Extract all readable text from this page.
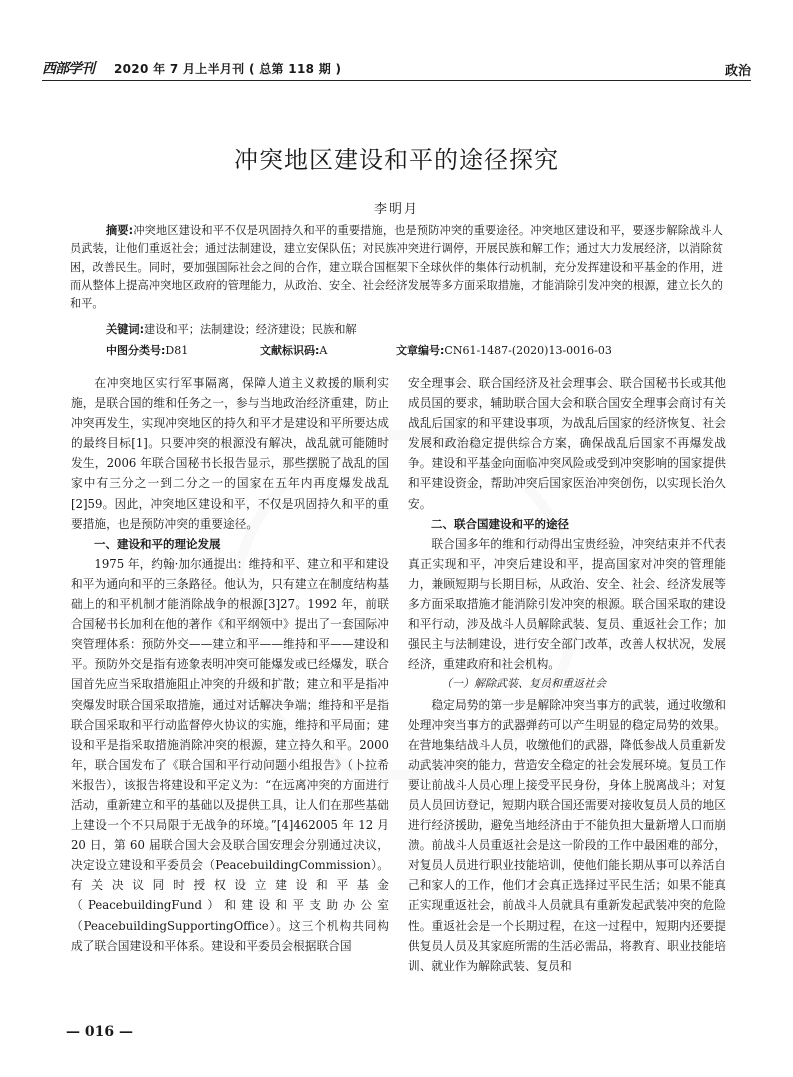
西部学刊 2020 年 7 月上半月刊 ( 总第 118 期 )	政治
冲突地区建设和平的途径探究
李明月
摘要:冲突地区建设和平不仅是巩固持久和平的重要措施，也是预防冲突的重要途径。冲突地区建设和平，要逐步解除战斗人员武装，让他们重返社会；通过法制建设，建立安保队伍；对民族冲突进行调停，开展民族和解工作；通过大力发展经济，以消除贫困，改善民生。同时，要加强国际社会之间的合作，建立联合国框架下全球伙伴的集体行动机制，充分发挥建设和平基金的作用，进而从整体上提高冲突地区政府的管理能力，从政治、安全、社会经济发展等多方面采取措施，才能消除引发冲突的根源，建立长久的和平。
关键词:建设和平；法制建设；经济建设；民族和解
中图分类号:D81	文献标识码:A	文章编号:CN61-1487-(2020)13-0016-03

在冲突地区实行军事隔离，保障人道主义救援的顺利实施，是联合国的维和任务之一，参与当地政治经济重建，防止冲突再发生，实现冲突地区的持久和平才是建设和平所要达成的最终目标[1]。只要冲突的根源没有解决，战乱就可能随时发生，2006 年联合国秘书长报告显示，那些摆脱了战乱的国家中有三分之一到二分之一的国家在五年内再度爆发战乱[2]59。因此，冲突地区建设和平，不仅是巩固持久和平的重要措施，也是预防冲突的重要途径。

一、建设和平的理论发展

1975 年，约翰·加尔通提出：维持和平、建立和平和建设和平为通向和平的三条路径。他认为，只有建立在制度结构基础上的和平机制才能消除战争的根源[3]27。1992 年，前联合国秘书长加利在他的著作《和平纲领中》提出了一套国际冲突管理体系：预防外交——建立和平——维持和平——建设和平。预防外交是指有迹象表明冲突可能爆发或已经爆发，联合国首先应当采取措施阻止冲突的升级和扩散；建立和平是指冲突爆发时联合国采取措施，通过对话解决争端；维持和平是指联合国采取和平行动监督停火协议的实施，维持和平局面；建设和平是指采取措施消除冲突的根源，建立持久和平。2000 年，联合国发布了《联合国和平行动问题小组报告》（卜拉希米报告），该报告将建设和平定义为：“在远离冲突的方面进行活动，重新建立和平的基础以及提供工具，让人们在那些基础上建设一个不只局限于无战争的环境。”[4]462005 年 12 月 20 日，第 60 届联合国大会及联合国安理会分别通过决议，决定设立建设和平委员会（PeacebuildingCommission）。有关决议同时授权设立建设和平基金（PeacebuildingFund）和建设和平支助办公室（PeacebuildingSupportingOffice）。这三个机构共同构成了联合国建设和平体系。建设和平委员会根据联合国

安全理事会、联合国经济及社会理事会、联合国秘书长或其他成员国的要求，辅助联合国大会和联合国安全理事会商讨有关战乱后国家的和平建设事项，为战乱后国家的经济恢复、社会发展和政治稳定提供综合方案，确保战乱后国家不再爆发战争。建设和平基金向面临冲突风险或受到冲突影响的国家提供和平建设资金，帮助冲突后国家医治冲突创伤，以实现长治久安。

二、联合国建设和平的途径

联合国多年的维和行动得出宝贵经验，冲突结束并不代表真正实现和平，冲突后建设和平，提高国家对冲突的管理能力，兼顾短期与长期目标，从政治、安全、社会、经济发展等多方面采取措施才能消除引发冲突的根源。联合国采取的建设和平行动，涉及战斗人员解除武装、复员、重返社会工作；加强民主与法制建设，进行安全部门改革，改善人权状况，发展经济，重建政府和社会机构。

（一）解除武装、复员和重返社会

稳定局势的第一步是解除冲突当事方的武装，通过收缴和处理冲突当事方的武器弹药可以产生明显的稳定局势的效果。在营地集结战斗人员，收缴他们的武器，降低参战人员重新发动武装冲突的能力，营造安全稳定的社会发展环境。复员工作要让前战斗人员心理上接受平民身份，身体上脱离战斗；对复员人员回访登记，短期内联合国还需要对接收复员人员的地区进行经济援助，避免当地经济由于不能负担大量新增人口而崩溃。前战斗人员重返社会是这一阶段的工作中最困难的部分，对复员人员进行职业技能培训，使他们能长期从事可以养活自己和家人的工作，他们才会真正选择过平民生活；如果不能真正实现重返社会，前战斗人员就具有重新发起武装冲突的危险性。重返社会是一个长期过程，在这一过程中，短期内还要提供复员人员及其家庭所需的生活必需品，将教育、职业技能培训、就业作为解除武装、复员和

— 016 —
